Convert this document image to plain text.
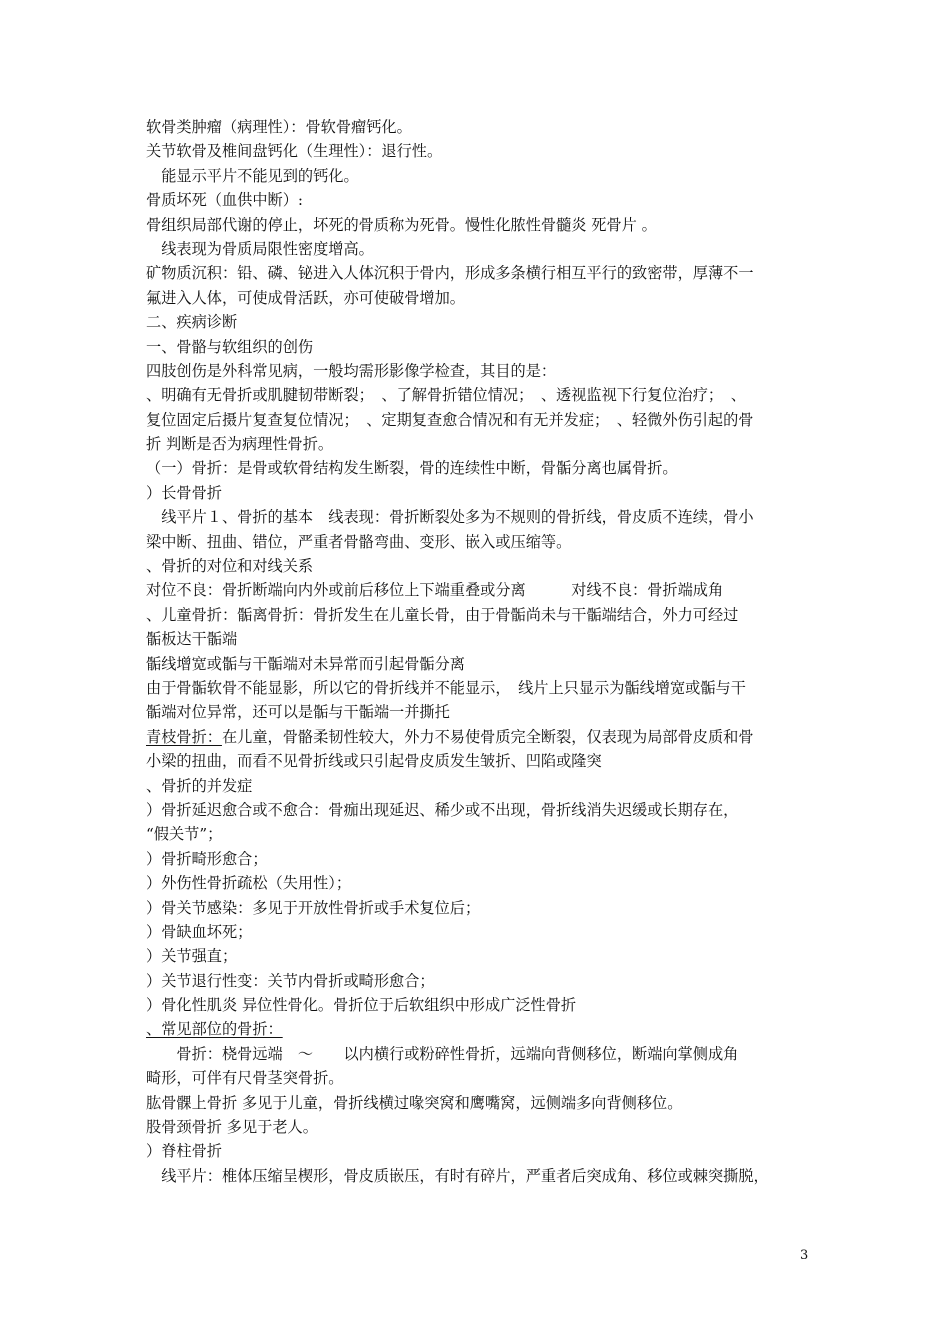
软骨类肿瘤（病理性）：骨软骨瘤钙化。
关节软骨及椎间盘钙化（生理性）：退行性。
　能显示平片不能见到的钙化。
骨质坏死（血供中断）:
骨组织局部代谢的停止，坏死的骨质称为死骨。慢性化脓性骨髓炎 死骨片 。
　线表现为骨质局限性密度增高。
矿物质沉积：铅、磷、铋进入人体沉积于骨内，形成多条横行相互平行的致密带，厚薄不一
氟进入人体，可使成骨活跃，亦可使破骨增加。
二、疾病诊断
一、骨骼与软组织的创伤
四肢创伤是外科常见病，一般均需形影像学检查，其目的是：
、明确有无骨折或肌腱韧带断裂；　、了解骨折错位情况；　、透视监视下行复位治疗；　、
复位固定后摄片复查复位情况；　、定期复查愈合情况和有无并发症；　、轻微外伤引起的骨
折 判断是否为病理性骨折。
（一）骨折：是骨或软骨结构发生断裂，骨的连续性中断，骨骺分离也属骨折。
）长骨骨折
　线平片１、骨折的基本　线表现：骨折断裂处多为不规则的骨折线，骨皮质不连续，骨小
梁中断、扭曲、错位，严重者骨骼弯曲、变形、嵌入或压缩等。
、骨折的对位和对线关系
对位不良：骨折断端向内外或前后移位上下端重叠或分离　　　对线不良：骨折端成角
、儿童骨折：骺离骨折：骨折发生在儿童长骨，由于骨骺尚未与干骺端结合，外力可经过
骺板达干骺端
骺线增宽或骺与干骺端对未异常而引起骨骺分离
由于骨骺软骨不能显影，所以它的骨折线并不能显示，　线片上只显示为骺线增宽或骺与干
骺端对位异常，还可以是骺与干骺端一并撕托
青枝骨折：在儿童，骨骼柔韧性较大，外力不易使骨质完全断裂，仅表现为局部骨皮质和骨
小梁的扭曲，而看不见骨折线或只引起骨皮质发生皱折、凹陷或隆突
、骨折的并发症
）骨折延迟愈合或不愈合：骨痂出现延迟、稀少或不出现，骨折线消失迟缓或长期存在，
“假关节”；
）骨折畸形愈合；
）外伤性骨折疏松（失用性）；
）骨关节感染：多见于开放性骨折或手术复位后；
）骨缺血坏死；
）关节强直；
）关节退行性变：关节内骨折或畸形愈合；
）骨化性肌炎 异位性骨化。骨折位于后软组织中形成广泛性骨折
、常见部位的骨折：
　　骨折：桡骨远端　～　　以内横行或粉碎性骨折，远端向背侧移位，断端向掌侧成角
畸形，可伴有尺骨茎突骨折。
肱骨髁上骨折 多见于儿童，骨折线横过喙突窝和鹰嘴窝，远侧端多向背侧移位。
股骨颈骨折 多见于老人。
）脊柱骨折
　线平片：椎体压缩呈楔形，骨皮质嵌压，有时有碎片，严重者后突成角、移位或棘突撕脱，
3
